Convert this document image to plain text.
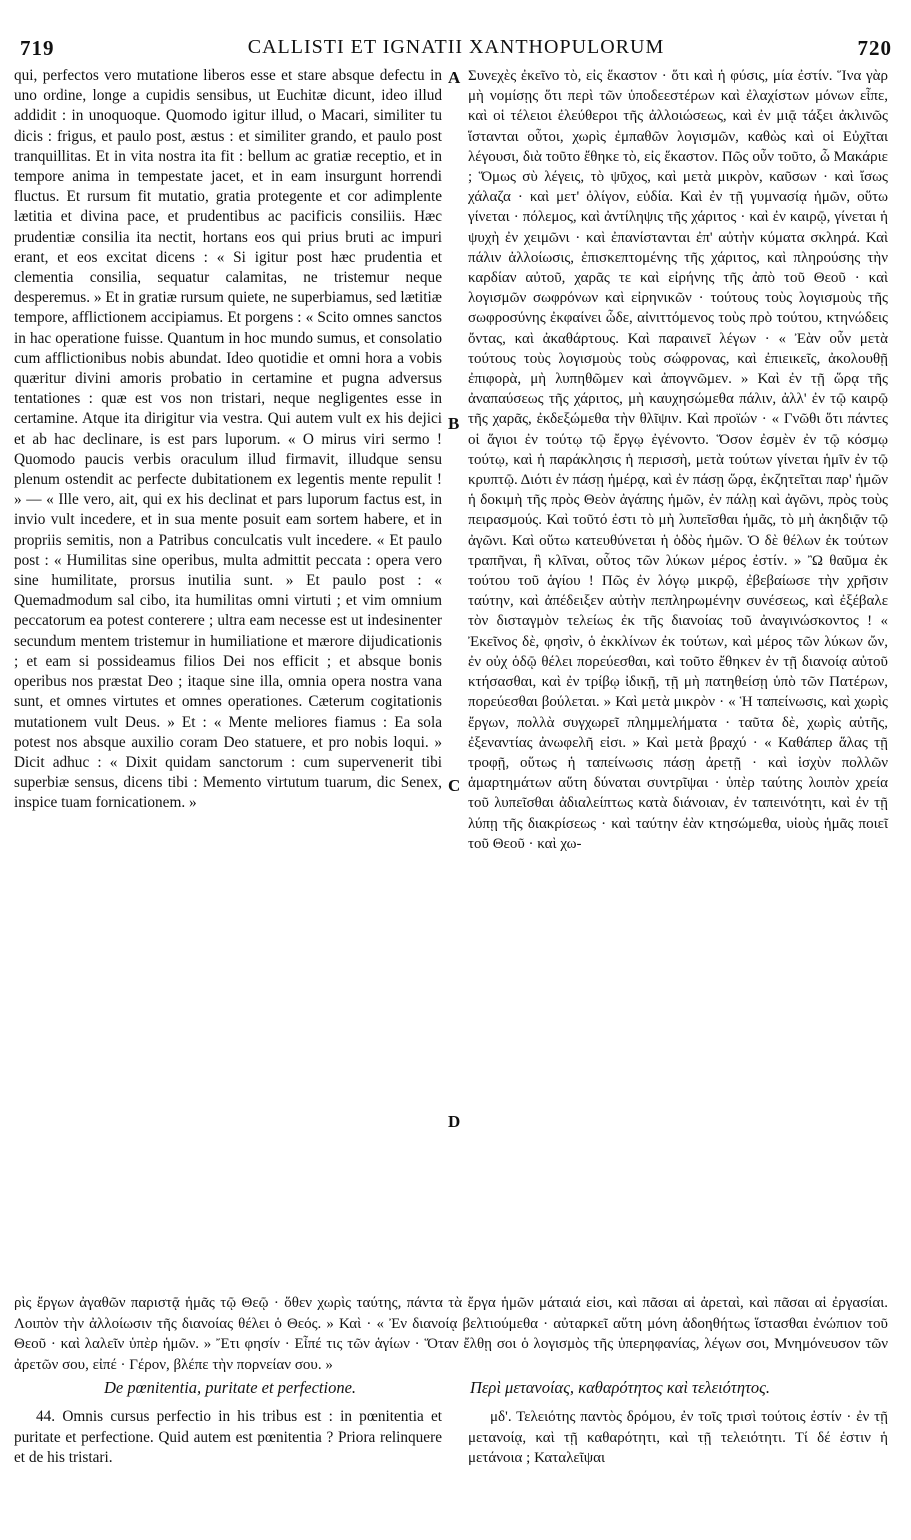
719	CALLISTI ET IGNATII XANTHOPULORUM	720

qui, perfectos vero mutatione liberos esse et stare absque defectu in uno ordine, longe a cupidis sensibus, ut Euchitæ dicunt, ideo illud addidit : in unoquoque. Quomodo igitur illud, o Macari, similiter tu dicis : frigus, et paulo post, æstus : et similiter grando, et paulo post tranquillitas. Et in vita nostra ita fit : bellum ac gratiæ receptio, et in tempore anima in tempestate jacet, et in eam insurgunt horrendi fluctus. Et rursum fit mutatio, gratia protegente et cor adimplente lætitia et divina pace, et prudentibus ac pacificis consiliis. Hæc prudentiæ consilia ita nectit, hortans eos qui prius bruti ac impuri erant, et eos excitat dicens : « Si igitur post hæc prudentia et clementia consilia, sequatur calamitas, ne tristemur neque desperemus. » Et in gratiæ rursum quiete, ne superbiamus, sed lætitiæ tempore, afflictionem accipiamus. Et porgens : « Scito omnes sanctos in hac operatione fuisse. Quantum in hoc mundo sumus, et consolatio cum afflictionibus nobis abundat. Ideo quotidie et omni hora a vobis quæritur divini amoris probatio in certamine et pugna adversus tentationes : quæ est vos non tristari, neque negligentes esse in certamine. Atque ita dirigitur via vestra. Qui autem vult ex his dejici et ab hac declinare, is est pars luporum. « O mirus viri sermo ! Quomodo paucis verbis oraculum illud firmavit, illudque sensu plenum ostendit ac perfecte dubitationem ex legentis mente repulit ! » — « Ille vero, ait, qui ex his declinat et pars luporum factus est, in invio vult incedere, et in sua mente posuit eam sortem habere, et in propriis semitis, non a Patribus conculcatis vult incedere. « Et paulo post : « Humilitas sine operibus, multa admittit peccata : opera vero sine humilitate, prorsus inutilia sunt. » Et paulo post : « Quemadmodum sal cibo, ita humilitas omni virtuti ; et vim omnium peccatorum ea potest conterere ; ultra eam necesse est ut indesinenter secundum mentem tristemur in humiliatione et mærore dijudicationis ; et eam si possideamus filios Dei nos efficit ; et absque bonis operibus nos præstat Deo ; itaque sine illa, omnia opera nostra vana sunt, et omnes virtutes et omnes operationes. Cæterum cogitationis mutationem vult Deus. » Et : « Mente meliores fiamus : Ea sola potest nos absque auxilio coram Deo statuere, et pro nobis loqui. » Dicit adhuc : « Dixit quidam sanctorum : cum supervenerit tibi superbiæ sensus, dicens tibi : Memento virtutum tuarum, dic Senex, inspice tuam fornicationem. »

A
B
C
D

Συνεχὲς ἐκεῖνο τὸ, εἰς ἕκαστον · ὅτι καὶ ἡ φύσις, μία ἐστίν. Ἵνα γὰρ μὴ νομίσῃς ὅτι περὶ τῶν ὑποδεεστέρων καὶ ἐλαχίστων μόνων εἶπε, καὶ οἱ τέλειοι ἐλεύθεροι τῆς ἀλλοιώσεως, καὶ ἐν μιᾷ τάξει ἀκλινῶς ἵστανται οὗτοι, χωρὶς ἐμπαθῶν λογισμῶν, καθὼς καὶ οἱ Εὐχῖται λέγουσι, διὰ τοῦτο ἔθηκε τὸ, εἰς ἕκαστον. Πῶς οὖν τοῦτο, ὦ Μακάριε ; Ὅμως σὺ λέγεις, τὸ ψῦχος, καὶ μετὰ μικρὸν, καῦσων · καὶ ἴσως χάλαζα · καὶ μετ' ὀλίγον, εὐδία. Καὶ ἐν τῇ γυμνασίᾳ ἡμῶν, οὕτω γίνεται · πόλεμος, καὶ ἀντίληψις τῆς χάριτος · καὶ ἐν καιρῷ, γίνεται ἡ ψυχὴ ἐν χειμῶνι · καὶ ἐπανίστανται ἐπ' αὐτὴν κύματα σκληρά. Καὶ πάλιν ἀλλοίωσις, ἐπισκεπτομένης τῆς χάριτος, καὶ πληρούσης τὴν καρδίαν αὐτοῦ, χαρᾶς τε καὶ εἰρήνης τῆς ἀπὸ τοῦ Θεοῦ · καὶ λογισμῶν σωφρόνων καὶ εἰρηνικῶν · τούτους τοὺς λογισμοὺς τῆς σωφροσύνης ἐκφαίνει ὧδε, αἰνιττόμενος τοὺς πρὸ τούτου, κτηνώδεις ὄντας, καὶ ἀκαθάρτους. Καὶ παραινεῖ λέγων · « Ἐὰν οὖν μετὰ τούτους τοὺς λογισμοὺς τοὺς σώφρονας, καὶ ἐπιεικεῖς, ἀκολουθῇ ἐπιφορὰ, μὴ λυπηθῶμεν καὶ ἀπογνῶμεν. » Καὶ ἐν τῇ ὥρᾳ τῆς ἀναπαύσεως τῆς χάριτος, μὴ καυχησώμεθα πάλιν, ἀλλ' ἐν τῷ καιρῷ τῆς χαρᾶς, ἐκδεξώμεθα τὴν θλῖψιν. Καὶ προϊών · « Γνῶθι ὅτι πάντες οἱ ἅγιοι ἐν τούτῳ τῷ ἔργῳ ἐγένοντο. Ὅσον ἐσμὲν ἐν τῷ κόσμῳ τούτῳ, καὶ ἡ παράκλησις ἡ περισσὴ, μετὰ τούτων γίνεται ἡμῖν ἐν τῷ κρυπτῷ. Διότι ἐν πάσῃ ἡμέρᾳ, καὶ ἐν πάσῃ ὥρᾳ, ἐκζητεῖται παρ' ἡμῶν ἡ δοκιμὴ τῆς πρὸς Θεὸν ἀγάπης ἡμῶν, ἐν πάλῃ καὶ ἀγῶνι, πρὸς τοὺς πειρασμούς. Καὶ τοῦτό ἐστι τὸ μὴ λυπεῖσθαι ἡμᾶς, τὸ μὴ ἀκηδιᾷν τῷ ἀγῶνι. Καὶ οὕτω κατευθύνεται ἡ ὁδὸς ἡμῶν. Ὁ δὲ θέλων ἐκ τούτων τραπῆναι, ἢ κλῖναι, οὗτος τῶν λύκων μέρος ἐστίν. » Ὢ θαῦμα ἐκ τούτου τοῦ ἁγίου ! Πῶς ἐν λόγῳ μικρῷ, ἐβεβαίωσε τὴν χρῆσιν ταύτην, καὶ ἀπέδειξεν αὐτὴν πεπληρωμένην συνέσεως, καὶ ἐξέβαλε τὸν δισταγμὸν τελείως ἐκ τῆς διανοίας τοῦ ἀναγινώσκοντος ! « Ἐκεῖνος δὲ, φησὶν, ὁ ἐκκλίνων ἐκ τούτων, καὶ μέρος τῶν λύκων ὤν, ἐν οὐχ ὁδῷ θέλει πορεύεσθαι, καὶ τοῦτο ἔθηκεν ἐν τῇ διανοίᾳ αὐτοῦ κτήσασθαι, καὶ ἐν τρίβῳ ἰδικῇ, τῇ μὴ πατηθείσῃ ὑπὸ τῶν Πατέρων, πορεύεσθαι βούλεται. » Καὶ μετὰ μικρὸν · « Ἡ ταπείνωσις, καὶ χωρὶς ἔργων, πολλὰ συγχωρεῖ πλημμελήματα · ταῦτα δὲ, χωρὶς αὐτῆς, ἐξεναντίας ἀνωφελῆ εἰσι. » Καὶ μετὰ βραχύ · « Καθάπερ ἅλας τῇ τροφῇ, οὕτως ἡ ταπείνωσις πάσῃ ἀρετῇ · καὶ ἰσχὺν πολλῶν ἁμαρτημάτων αὕτη δύναται συντρῖψαι · ὑπὲρ ταύτης λοιπὸν χρεία τοῦ λυπεῖσθαι ἀδιαλείπτως κατὰ διάνοιαν, ἐν ταπεινότητι, καὶ ἐν τῇ λύπῃ τῆς διακρίσεως · καὶ ταύτην ἐὰν κτησώμεθα, υἱοὺς ἡμᾶς ποιεῖ τοῦ Θεοῦ · καὶ χω-

ρὶς ἔργων ἀγαθῶν παριστᾷ ἡμᾶς τῷ Θεῷ · ὅθεν χωρὶς ταύτης, πάντα τὰ ἔργα ἡμῶν μάταιά εἰσι, καὶ πᾶσαι αἱ ἀρεταὶ, καὶ πᾶσαι αἱ ἐργασίαι. Λοιπὸν τὴν ἀλλοίωσιν τῆς διανοίας θέλει ὁ Θεός. » Καὶ · « Ἐν διανοίᾳ βελτιούμεθα · αὐταρκεῖ αὕτη μόνη ἀδοηθήτως ἵστασθαι ἐνώπιον τοῦ Θεοῦ · καὶ λαλεῖν ὑπὲρ ἡμῶν. » Ἔτι φησίν · Εἶπέ τις τῶν ἁγίων · Ὅταν ἔλθῃ σοι ὁ λογισμὸς τῆς ὑπερηφανίας, λέγων σοι, Μνημόνευσον τῶν ἀρετῶν σου, εἰπέ · Γέρον, βλέπε τὴν πορνείαν σου. »

De pœnitentia, puritate et perfectione.	Περὶ μετανοίας, καθαρότητος καὶ τελειότητος.

44. Omnis cursus perfectio in his tribus est : in pœnitentia et puritate et perfectione. Quid autem est pœnitentia ? Priora relinquere et de his tristari.

μδ'. Τελειότης παντὸς δρόμου, ἐν τοῖς τρισὶ τούτοις ἐστίν · ἐν τῇ μετανοίᾳ, καὶ τῇ καθαρότητι, καὶ τῇ τελειότητι. Τί δέ ἐστιν ἡ μετάνοια ; Καταλεῖψαι
